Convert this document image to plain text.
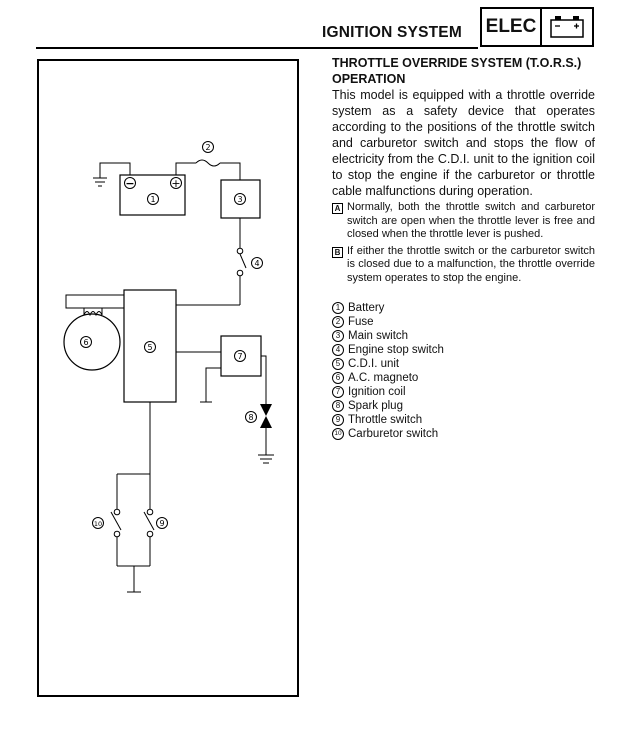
IGNITION SYSTEM ELEC
−	+
1
2
3
4
5
6
7
8
9
10

THROTTLE OVERRIDE SYSTEM (T.O.R.S.)

OPERATION

This model is equipped with a throttle override system as a safety device that operates according to the positions of the throttle switch and carburetor switch and stops the flow of electricity from the C.D.I. unit to the ignition coil to stop the engine if the carburetor or throttle cable malfunctions during operation.

A Normally, both the throttle switch and carburetor switch are open when the throttle lever is free and closed when the throttle lever is pushed.
B If either the throttle switch or the carburetor switch is closed due to a malfunction, the throttle override system operates to stop the engine.
1 Battery
2 Fuse
3 Main switch
4 Engine stop switch
5 C.D.I. unit
6 A.C. magneto
7 Ignition coil
8 Spark plug
9 Throttle switch
10 Carburetor switch
